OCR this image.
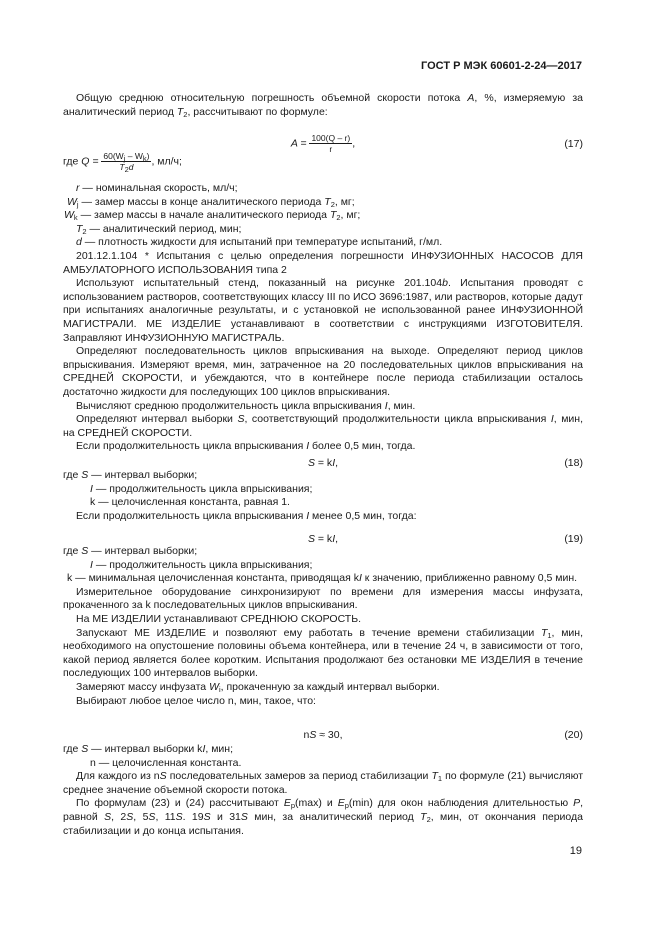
ГОСТ Р МЭК 60601-2-24—2017

Общую среднюю относительную погрешность объемной скорости потока A, %, измеряемую за аналитический период $T_2$, рассчитывают по формуле:

$A = \frac{100(Q - r)}{r}$ ,	(17)

где $Q = \frac{60(W_j - W_k)}{T_2d}$ , мл/ч;

r — номинальная скорость, мл/ч;

$W_j$ — замер массы в конце аналитического периода $T_2$, мг;

$W_k$ — замер массы в начале аналитического периода $T_2$, мг;

$T_2$ — аналитический период, мин;

d — плотность жидкости для испытаний при температуре испытаний, г/мл.

201.12.1.104 * Испытания с целью определения погрешности ИНФУЗИОННЫХ НАСОСОВ ДЛЯ АМБУЛАТОРНОГО ИСПОЛЬЗОВАНИЯ типа 2

Используют испытательный стенд, показанный на рисунке 201.104b. Испытания проводят с использованием растворов, соответствующих классу III по ИСО 3696:1987, или растворов, которые дадут при испытаниях аналогичные результаты, и с установкой не использованной ранее ИНФУЗИОННОЙ МАГИСТРАЛИ. МЕ ИЗДЕЛИЕ устанавливают в соответствии с инструкциями ИЗГОТОВИТЕЛЯ. Заправляют ИНФУЗИОННУЮ МАГИСТРАЛЬ.

Определяют последовательность циклов впрыскивания на выходе. Определяют период циклов впрыскивания. Измеряют время, мин, затраченное на 20 последовательных циклов впрыскивания на СРЕДНЕЙ СКОРОСТИ, и убеждаются, что в контейнере после периода стабилизации осталось достаточно жидкости для последующих 100 циклов впрыскивания.

Вычисляют среднюю продолжительность цикла впрыскивания I, мин.

Определяют интервал выборки S, соответствующий продолжительности цикла впрыскивания I, мин, на СРЕДНЕЙ СКОРОСТИ.

Если продолжительность цикла впрыскивания I более 0,5 мин, тогда.

S = kI,	(18)

где S — интервал выборки;

I — продолжительность цикла впрыскивания;

k — целочисленная константа, равная 1.

Если продолжительность цикла впрыскивания I менее 0,5 мин, тогда:

S = kI,	(19)

где S — интервал выборки;

I — продолжительность цикла впрыскивания;

k — минимальная целочисленная константа, приводящая kI к значению, приближенно равному 0,5 мин.

Измерительное оборудование синхронизируют по времени для измерения массы инфузата, прокаченного за k последовательных циклов впрыскивания.

На МЕ ИЗДЕЛИИ устанавливают СРЕДНЮЮ СКОРОСТЬ.

Запускают МЕ ИЗДЕЛИЕ и позволяют ему работать в течение времени стабилизации $T_1$, мин, необходимого на опустошение половины объема контейнера, или в течение 24 ч, в зависимости от того, какой период является более коротким. Испытания продолжают без остановки МЕ ИЗДЕЛИЯ в течение последующих 100 интервалов выборки.

Замеряют массу инфузата $W_i$, прокаченную за каждый интервал выборки.

Выбирают любое целое число n, мин, такое, что:

nS ≈ 30,	(20)

где S — интервал выборки kI, мин;

n — целочисленная константа.

Для каждого из nS последовательных замеров за период стабилизации $T_1$ по формуле (21) вычисляют среднее значение объемной скорости потока.

По формулам (23) и (24) рассчитывают $E_p(\max)$ и $E_p(\min)$ для окон наблюдения длительностью P, равной S, 2S, 5S, 11S. 19S и 31S мин, за аналитический период $T_2$, мин, от окончания периода стабилизации и до конца испытания.

19
